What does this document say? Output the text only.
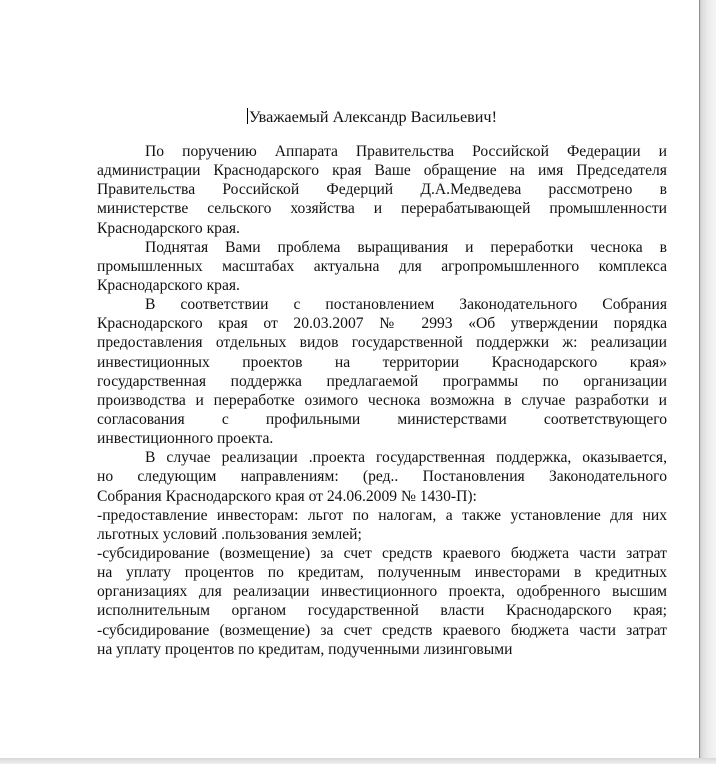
Уважаемый Александр Васильевич!
По поручению Аппарата Правительства Российской Федерации и
администрации Краснодарского края Ваше обращение на имя Председателя
Правительства Российской Федерций Д.А.Медведева рассмотрено в
министерстве сельского хозяйства и перерабатывающей промышленности
Краснодарского края.
Поднятая Вами проблема выращивания и переработки чеснока в
промышленных масштабах актуальна для агропромышленного комплекса
Краснодарского края.
В соответствии с постановлением Законодательного Собрания
Краснодарского края от 20.03.2007 № 2993 «Об утверждении порядка
предоставления отдельных видов государственной поддержки ж: реализации
инвестиционных проектов на территории Краснодарского края»
государственная поддержка предлагаемой программы по организации
производства и переработке озимого чеснока возможна в случае разработки и
согласования с профильными министерствами соответствующего
инвестиционного проекта.
В случае реализации .проекта государственная поддержка, оказывается,
но следующим направлениям: (ред.. Постановления Законодательного
Собрания Краснодарского края от 24.06.2009 № 1430-П):
-предоставление инвесторам: льгот по налогам, а также установление для них
льготных условий .пользования землей;
-субсидирование (возмещение) за счет средств краевого бюджета части затрат
на уплату процентов по кредитам, полученным инвесторами в кредитных
организациях для реализации инвестиционного проекта, одобренного высшим
исполнительным органом государственной власти Краснодарского края;
-субсидирование (возмещение) за счет средств краевого бюджета части затрат
на уплату процентов по кредитам, подученными лизинговыми
